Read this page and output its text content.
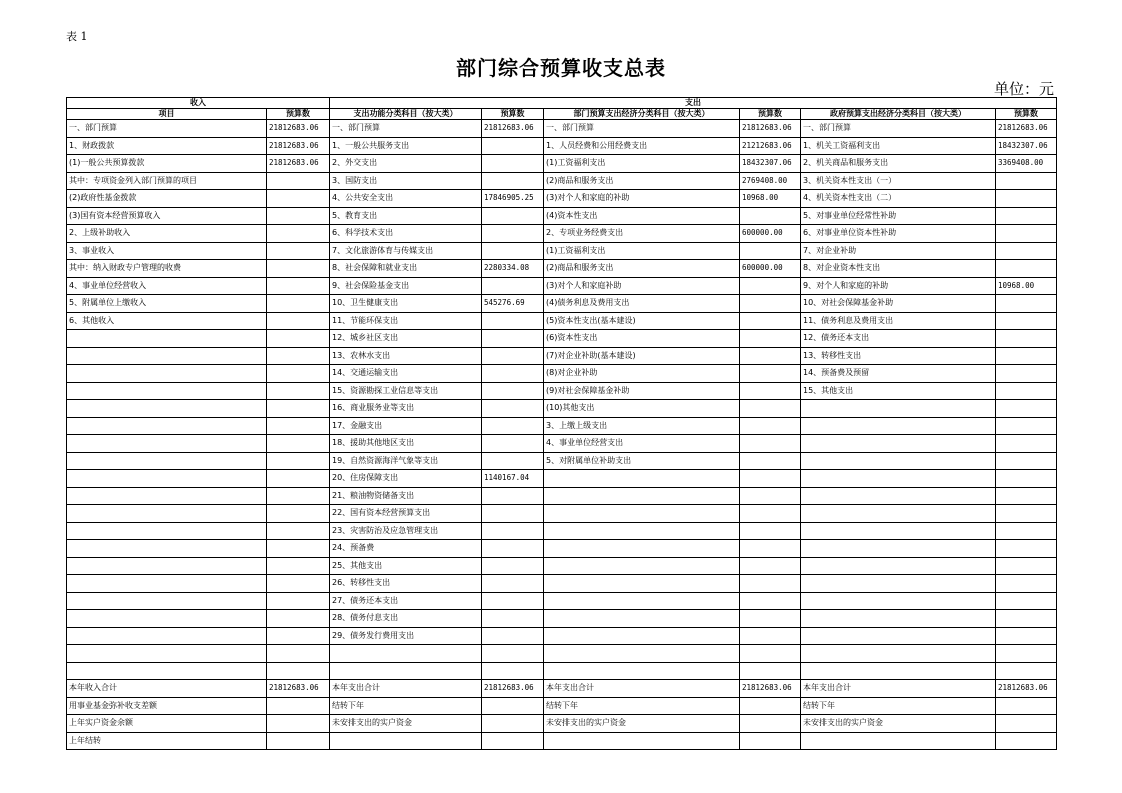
表 1
部门综合预算收支总表
单位：元
收入		支出					
项目	预算数	支出功能分类科目（按大类）	预算数	部门预算支出经济分类科目（按大类）	预算数	政府预算支出经济分类科目（按大类）	预算数
一、部门预算	21812683.06	一、部门预算	21812683.06	一、部门预算	21812683.06	一、部门预算	21812683.06
1、财政拨款	21812683.06	1、一般公共服务支出		1、人员经费和公用经费支出	21212683.06	1、机关工资福利支出	18432307.06
(1)一般公共预算拨款	21812683.06	2、外交支出		(1)工资福利支出	18432307.06	2、机关商品和服务支出	3369408.00
其中：专项资金列入部门预算的项目		3、国防支出		(2)商品和服务支出	2769408.00	3、机关资本性支出（一）	
(2)政府性基金拨款		4、公共安全支出	17846905.25	(3)对个人和家庭的补助	10968.00	4、机关资本性支出（二）	
(3)国有资本经营预算收入		5、教育支出		(4)资本性支出		5、对事业单位经常性补助	
2、上级补助收入		6、科学技术支出		2、专项业务经费支出	600000.00	6、对事业单位资本性补助	
3、事业收入		7、文化旅游体育与传媒支出		(1)工资福利支出		7、对企业补助	
其中：纳入财政专户管理的收费		8、社会保障和就业支出	2280334.08	(2)商品和服务支出	600000.00	8、对企业资本性支出	
4、事业单位经营收入		9、社会保险基金支出		(3)对个人和家庭补助		9、对个人和家庭的补助	10968.00
5、附属单位上缴收入		10、卫生健康支出	545276.69	(4)债务利息及费用支出		10、对社会保障基金补助	
6、其他收入		11、节能环保支出		(5)资本性支出(基本建设)		11、债务利息及费用支出	
		12、城乡社区支出		(6)资本性支出		12、债务还本支出	
		13、农林水支出		(7)对企业补助(基本建设)		13、转移性支出	
		14、交通运输支出		(8)对企业补助		14、预备费及预留	
		15、资源勘探工业信息等支出		(9)对社会保障基金补助		15、其他支出	
		16、商业服务业等支出		(10)其他支出			
		17、金融支出		3、上缴上级支出			
		18、援助其他地区支出		4、事业单位经营支出			
		19、自然资源海洋气象等支出		5、对附属单位补助支出			
		20、住房保障支出	1140167.04				
		21、粮油物资储备支出					
		22、国有资本经营预算支出					
		23、灾害防治及应急管理支出					
		24、预备费					
		25、其他支出					
		26、转移性支出					
		27、债务还本支出					
		28、债务付息支出					
		29、债务发行费用支出					

本年收入合计	21812683.06	本年支出合计	21812683.06	本年支出合计	21812683.06	本年支出合计	21812683.06
用事业基金弥补收支差额		结转下年		结转下年		结转下年	
上年实户资金余额		未安排支出的实户资金		未安排支出的实户资金		未安排支出的实户资金	
上年结转							
